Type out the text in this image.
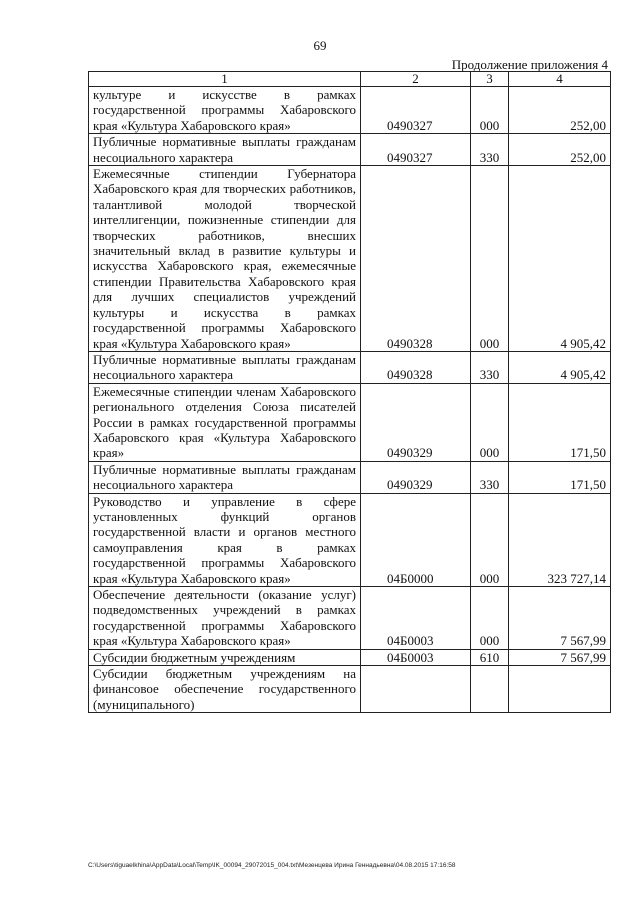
69
Продолжение приложения 4
1	2	3	4
культуре и искусстве в рамках государственной программы Хабаровского края «Культура Хабаровского края»	0490327	000	252,00
Публичные нормативные выплаты гражданам несоциального характера	0490327	330	252,00
Ежемесячные стипендии Губернатора Хабаровского края для творческих работников, талантливой молодой творческой интеллигенции, пожизненные стипендии для творческих работников, внесших значительный вклад в развитие культуры и искусства Хабаровского края, ежемесячные стипендии Правительства Хабаровского края для лучших специалистов учреждений культуры и искусства в рамках государственной программы Хабаровского края «Культура Хабаровского края»	0490328	000	4 905,42
Публичные нормативные выплаты гражданам несоциального характера	0490328	330	4 905,42
Ежемесячные стипендии членам Хабаровского регионального отделения Союза писателей России в рамках государственной программы Хабаровского края «Культура Хабаровского края»	0490329	000	171,50
Публичные нормативные выплаты гражданам несоциального характера	0490329	330	171,50
Руководство и управление в сфере установленных функций органов государственной власти и органов местного самоуправления края в рамках государственной программы Хабаровского края «Культура Хабаровского края»	04Б0000	000	323 727,14
Обеспечение деятельности (оказание услуг) подведомственных учреждений в рамках государственной программы Хабаровского края «Культура Хабаровского края»	04Б0003	000	7 567,99
Субсидии бюджетным учреждениям	04Б0003	610	7 567,99
Субсидии бюджетным учреждениям на финансовое обеспечение государственного (муниципального)			
C:\Users\tiguaelkhina\AppData\Local\Temp\IK_00094_29072015_004.txt\Мезенцева Ирина Геннадьевна\04.08.2015 17:16:58
